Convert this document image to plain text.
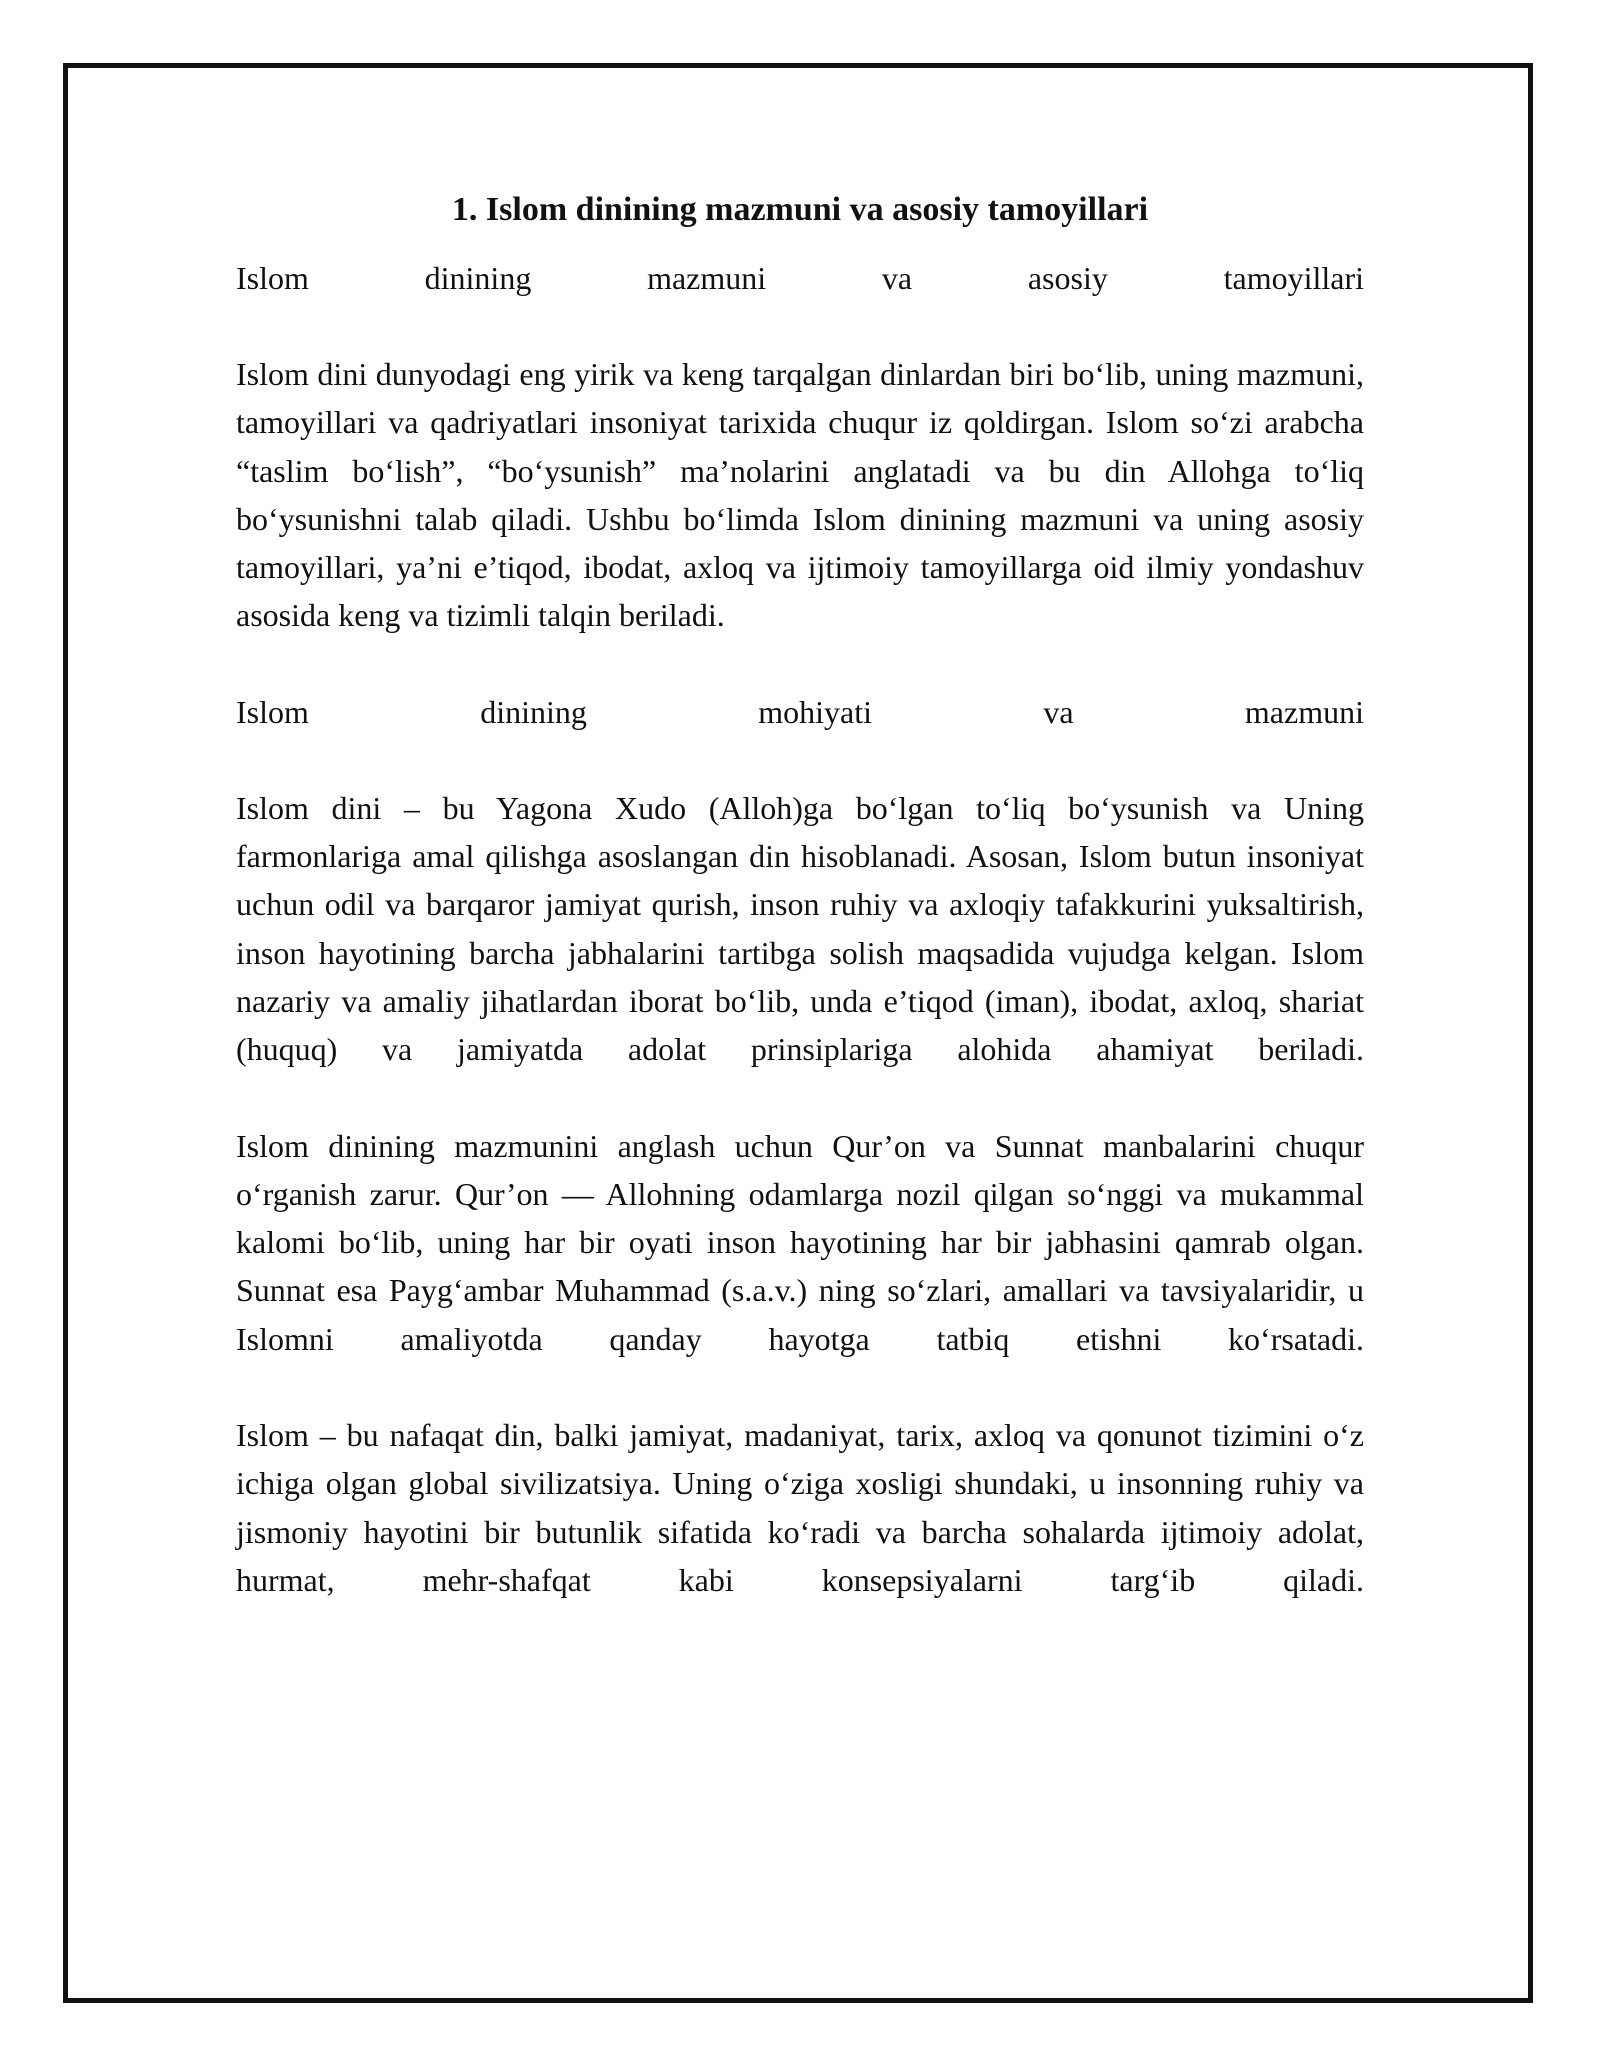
1. Islom dinining mazmuni va asosiy tamoyillari
Islom	dinining	mazmuni	va	asosiy	tamoyillari

Islom dini dunyodagi eng yirik va keng tarqalgan dinlardan biri bo‘lib, uning mazmuni, tamoyillari va qadriyatlari insoniyat tarixida chuqur iz qoldirgan. Islom so‘zi arabcha “taslim bo‘lish”, “bo‘ysunish” ma’nolarini anglatadi va bu din Allohga to‘liq bo‘ysunishni talab qiladi. Ushbu bo‘limda Islom dinining mazmuni va uning asosiy tamoyillari, ya’ni e’tiqod, ibodat, axloq va ijtimoiy tamoyillarga oid ilmiy yondashuv asosida keng va tizimli talqin beriladi.

Islom	dinining	mohiyati	va	mazmuni

Islom dini – bu Yagona Xudo (Alloh)ga bo‘lgan to‘liq bo‘ysunish va Uning farmonlariga amal qilishga asoslangan din hisoblanadi. Asosan, Islom butun insoniyat uchun odil va barqaror jamiyat qurish, inson ruhiy va axloqiy tafakkurini yuksaltirish, inson hayotining barcha jabhalarini tartibga solish maqsadida vujudga kelgan. Islom nazariy va amaliy jihatlardan iborat bo‘lib, unda e’tiqod (iman), ibodat, axloq, shariat (huquq) va jamiyatda adolat prinsiplariga alohida ahamiyat beriladi.

Islom dinining mazmunini anglash uchun Qur’on va Sunnat manbalarini chuqur o‘rganish zarur. Qur’on — Allohning odamlarga nozil qilgan so‘nggi va mukammal kalomi bo‘lib, uning har bir oyati inson hayotining har bir jabhasini qamrab olgan. Sunnat esa Payg‘ambar Muhammad (s.a.v.) ning so‘zlari, amallari va tavsiyalaridir, u Islomni amaliyotda qanday hayotga tatbiq etishni ko‘rsatadi.

Islom – bu nafaqat din, balki jamiyat, madaniyat, tarix, axloq va qonunot tizimini o‘z ichiga olgan global sivilizatsiya. Uning o‘ziga xosligi shundaki, u insonning ruhiy va jismoniy hayotini bir butunlik sifatida ko‘radi va barcha sohalarda ijtimoiy adolat, hurmat, mehr-shafqat kabi konsepsiyalarni targ‘ib qiladi.
